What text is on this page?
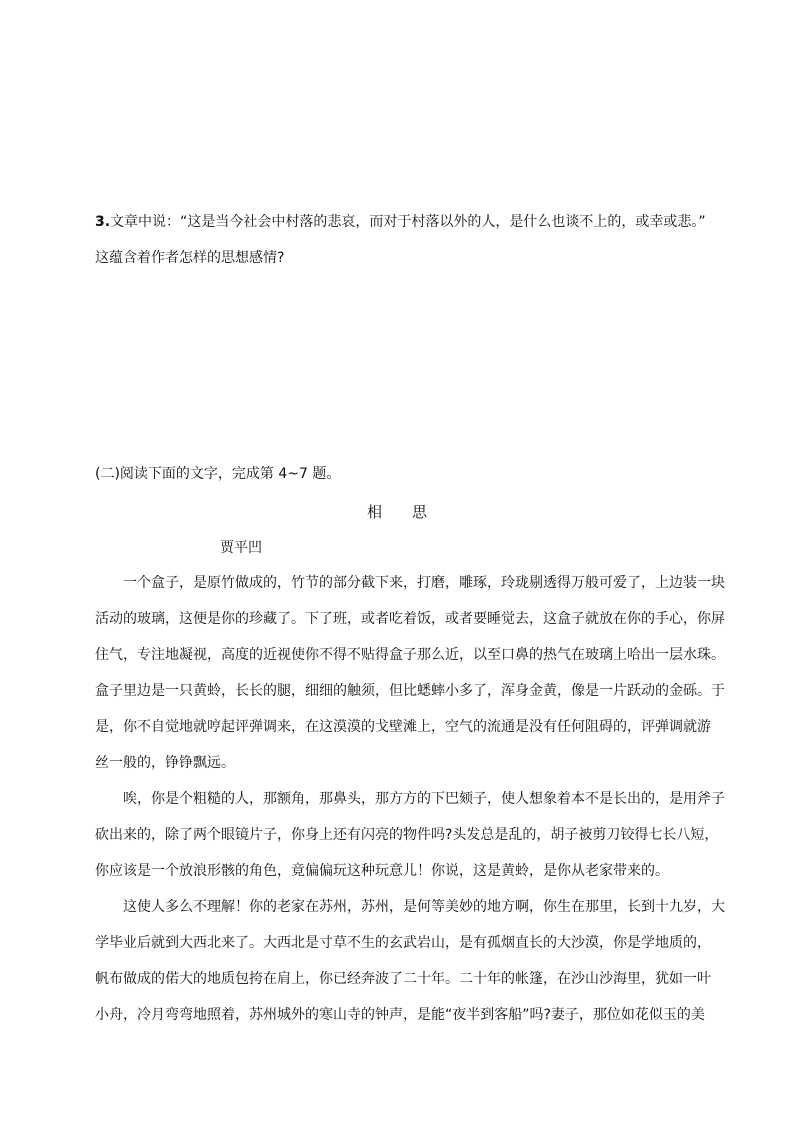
3.文章中说：“这是当今社会中村落的悲哀，而对于村落以外的人，是什么也谈不上的，或幸或悲。”
这蕴含着作者怎样的思想感情?
(二)阅读下面的文字，完成第 4~7 题。
相思
贾平凹
一个盒子，是原竹做成的，竹节的部分截下来，打磨，雕琢，玲珑剔透得万般可爱了，上边装一块
活动的玻璃，这便是你的珍藏了。下了班，或者吃着饭，或者要睡觉去，这盒子就放在你的手心，你屏
住气，专注地凝视，高度的近视使你不得不贴得盒子那么近，以至口鼻的热气在玻璃上哈出一层水珠。
盒子里边是一只黄蛉，长长的腿，细细的触须，但比蟋蟀小多了，浑身金黄，像是一片跃动的金砾。于
是，你不自觉地就哼起评弹调来，在这漠漠的戈壁滩上，空气的流通是没有任何阻碍的，评弹调就游
丝一般的，铮铮飘远。
唉，你是个粗糙的人，那额角，那鼻头，那方方的下巴颏子，使人想象着本不是长出的，是用斧子
砍出来的，除了两个眼镜片子，你身上还有闪亮的物件吗?头发总是乱的，胡子被剪刀铰得七长八短，
你应该是一个放浪形骸的角色，竟偏偏玩这种玩意儿！你说，这是黄蛉，是你从老家带来的。
这使人多么不理解！你的老家在苏州，苏州，是何等美妙的地方啊，你生在那里，长到十九岁，大
学毕业后就到大西北来了。大西北是寸草不生的玄武岩山，是有孤烟直长的大沙漠，你是学地质的，
帆布做成的偌大的地质包挎在肩上，你已经奔波了二十年。二十年的帐篷，在沙山沙海里，犹如一叶
小舟，冷月弯弯地照着，苏州城外的寒山寺的钟声，是能“夜半到客船”吗?妻子，那位如花似玉的美
